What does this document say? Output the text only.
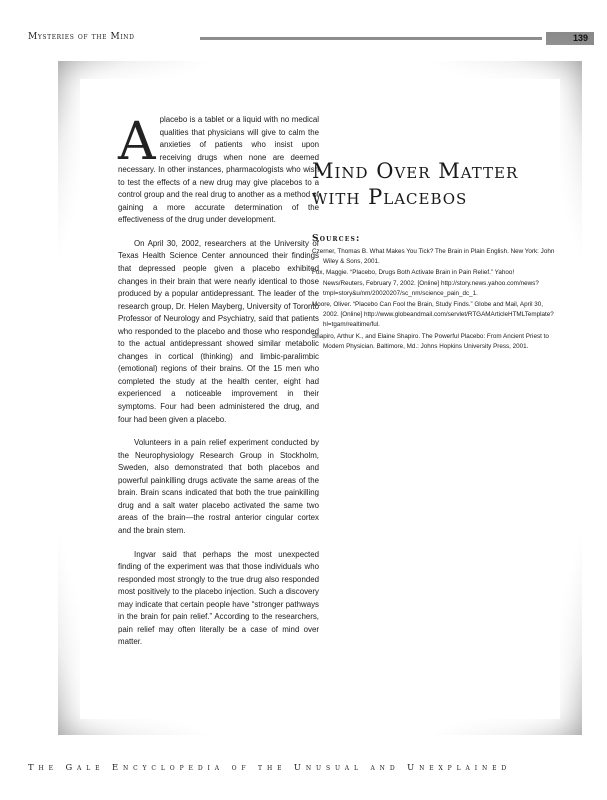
Mysteries of the Mind	139

Aplacebo is a tablet or a liquid with no medical qualities that physicians will give to calm the anxieties of patients who insist upon receiving drugs when none are deemed necessary. In other instances, pharmacologists who wish to test the effects of a new drug may give placebos to a control group and the real drug to another as a method of gaining a more accurate determination of the effectiveness of the drug under development.

On April 30, 2002, researchers at the University of Texas Health Science Center announced their findings that depressed people given a placebo exhibited changes in their brain that were nearly identical to those produced by a popular antidepressant. The leader of the research group, Dr. Helen Mayberg, University of Toronto Professor of Neurology and Psychiatry, said that patients who responded to the placebo and those who responded to the actual antidepressant showed similar metabolic changes in cortical (thinking) and limbic-paralimbic (emotional) regions of their brains. Of the 15 men who completed the study at the health center, eight had experienced a noticeable improvement in their symptoms. Four had been administered the drug, and four had been given a placebo.

Volunteers in a pain relief experiment conducted by the Neurophysiology Research Group in Stockholm, Sweden, also demonstrated that both placebos and powerful painkilling drugs activate the same areas of the brain. Brain scans indicated that both the true painkilling drug and a salt water placebo activated the same two areas of the brain—the rostral anterior cingular cortex and the brain stem.

Ingvar said that perhaps the most unexpected finding of the experiment was that those individuals who responded most strongly to the true drug also responded most positively to the placebo injection. Such a discovery may indicate that certain people have “stronger pathways in the brain for pain relief.” According to the researchers, pain relief may often literally be a case of mind over matter.

Mind Over Matter
with Placebos
Sources:
Czerner, Thomas B. What Makes You Tick? The Brain in Plain English. New York: John Wiley & Sons, 2001.
Fox, Maggie. “Placebo, Drugs Both Activate Brain in Pain Relief.” Yahoo! News/Reuters, February 7, 2002. [Online] http://story.news.yahoo.com/news?tmpl=story&u/nm/20020207/sc_nm/science_pain_dc_1.
Moore, Oliver. “Placebo Can Fool the Brain, Study Finds.” Globe and Mail, April 30, 2002. [Online] http://www.globeandmail.com/servlet/RTGAMArticleHTMLTemplate?hl=tgam/realtime/ful.
Shapiro, Arthur K., and Elaine Shapiro. The Powerful Placebo: From Ancient Priest to Modern Physician. Baltimore, Md.: Johns Hopkins University Press, 2001.
The Gale Encyclopedia of the Unusual and Unexplained
